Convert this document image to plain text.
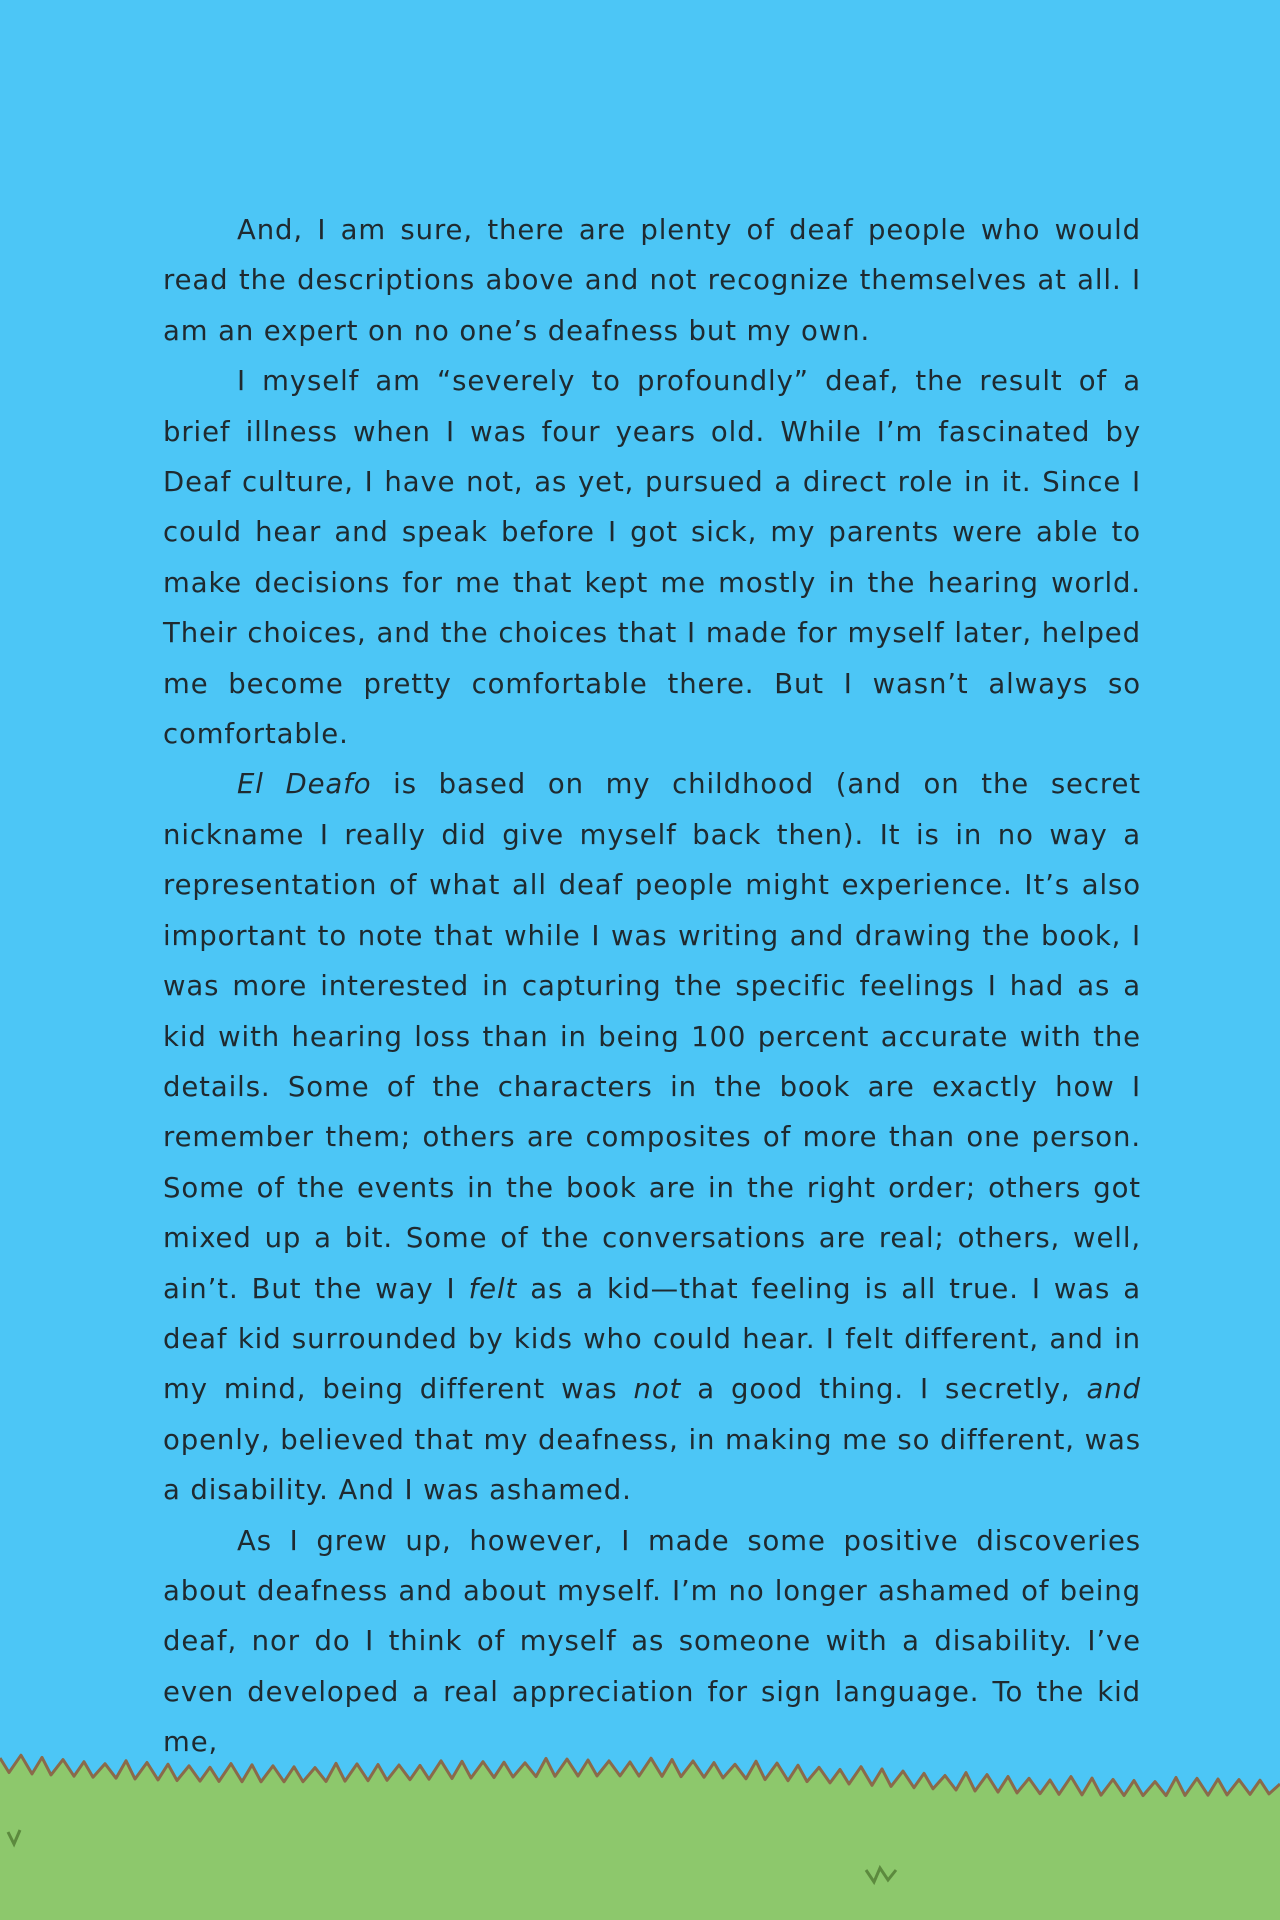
And, I am sure, there are plenty of deaf people who would read the descriptions above and not recognize themselves at all. I am an expert on no one’s deafness but my own.

I myself am “severely to profoundly” deaf, the result of a brief illness when I was four years old. While I’m fascinated by Deaf culture, I have not, as yet, pursued a direct role in it. Since I could hear and speak before I got sick, my parents were able to make decisions for me that kept me mostly in the hearing world. Their choices, and the choices that I made for myself later, helped me become pretty comfortable there. But I wasn’t always so comfortable.

El Deafo is based on my childhood (and on the secret nickname I really did give myself back then). It is in no way a representation of what all deaf people might experience. It’s also important to note that while I was writing and drawing the book, I was more interested in capturing the specific feelings I had as a kid with hearing loss than in being 100 percent accurate with the details. Some of the characters in the book are exactly how I remember them; others are composites of more than one person. Some of the events in the book are in the right order; others got mixed up a bit. Some of the conversations are real; others, well, ain’t. But the way I felt as a kid—that feeling is all true. I was a deaf kid surrounded by kids who could hear. I felt different, and in my mind, being different was not a good thing. I secretly, and openly, believed that my deafness, in making me so different, was a disability. And I was ashamed.

As I grew up, however, I made some positive discoveries about deafness and about myself. I’m no longer ashamed of being deaf, nor do I think of myself as someone with a disability. I’ve even developed a real appreciation for sign language. To the kid me,
